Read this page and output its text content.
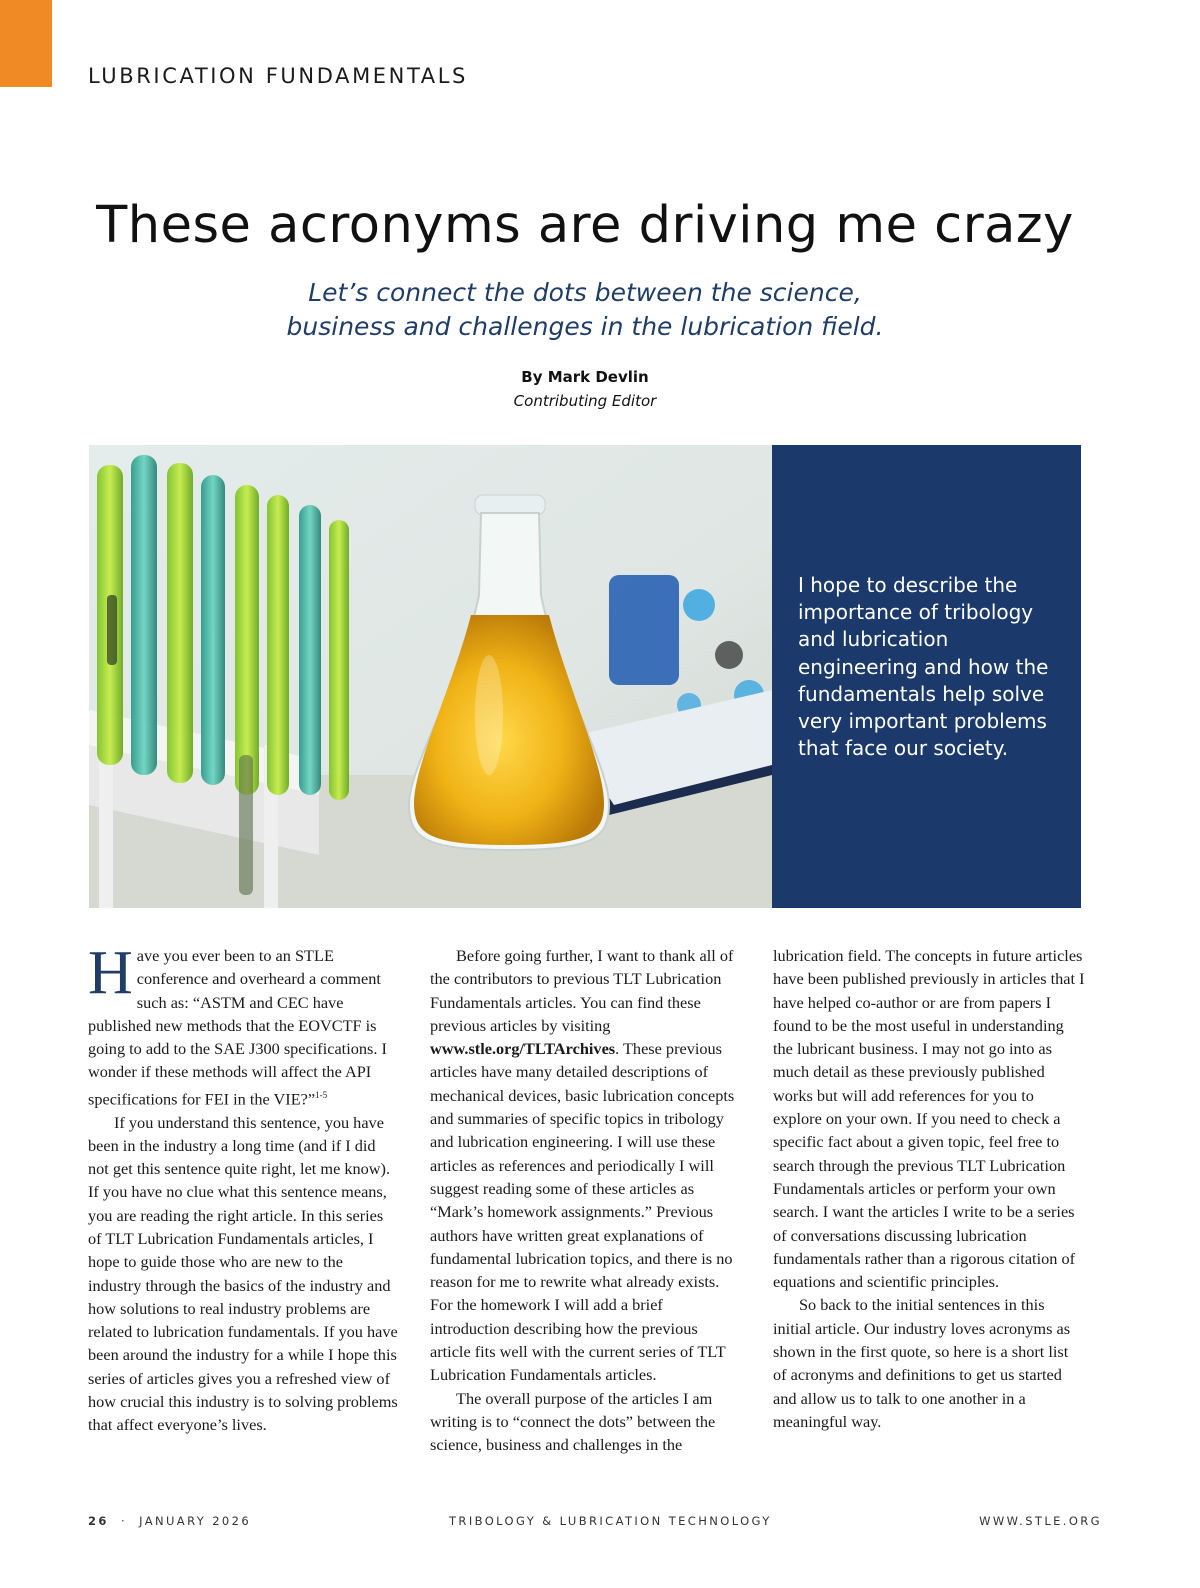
LUBRICATION FUNDAMENTALS
These acronyms are driving me crazy
Let’s connect the dots between the science,
business and challenges in the lubrication field.
By Mark Devlin
Contributing Editor

I hope to describe the importance of tribology and lubrication engineering and how the fundamentals help solve very important problems that face our society.

Have you ever been to an STLE conference and overheard a comment such as: “ASTM and CEC have published new methods that the EOVCTF is going to add to the SAE J300 specifications. I wonder if these methods will affect the API specifications for FEI in the VIE?”$^{1-5}$

If you understand this sentence, you have been in the industry a long time (and if I did not get this sentence quite right, let me know). If you have no clue what this sentence means, you are reading the right article. In this series of TLT Lubrication Fundamentals articles, I hope to guide those who are new to the industry through the basics of the industry and how solutions to real industry problems are related to lubrication fundamentals. If you have been around the industry for a while I hope this series of articles gives you a refreshed view of how crucial this industry is to solving problems that affect everyone’s lives.

Before going further, I want to thank all of the contributors to previous TLT Lubrication Fundamentals articles. You can find these previous articles by visiting www.stle.org/TLTArchives. These previous articles have many detailed descriptions of mechanical devices, basic lubrication concepts and summaries of specific topics in tribology and lubrication engineering. I will use these articles as references and periodically I will suggest reading some of these articles as “Mark’s homework assignments.” Previous authors have written great explanations of fundamental lubrication topics, and there is no reason for me to rewrite what already exists. For the homework I will add a brief introduction describing how the previous article fits well with the current series of TLT Lubrication Fundamentals articles.

The overall purpose of the articles I am writing is to “connect the dots” between the science, business and challenges in the

lubrication field. The concepts in future articles have been published previously in articles that I have helped co-author or are from papers I found to be the most useful in understanding the lubricant business. I may not go into as much detail as these previously published works but will add references for you to explore on your own. If you need to check a specific fact about a given topic, feel free to search through the previous TLT Lubrication Fundamentals articles or perform your own search. I want the articles I write to be a series of conversations discussing lubrication fundamentals rather than a rigorous citation of equations and scientific principles.

So back to the initial sentences in this initial article. Our industry loves acronyms as shown in the first quote, so here is a short list of acronyms and definitions to get us started and allow us to talk to one another in a meaningful way.

26 · JANUARY 2026	TRIBOLOGY & LUBRICATION TECHNOLOGY	WWW.STLE.ORG
